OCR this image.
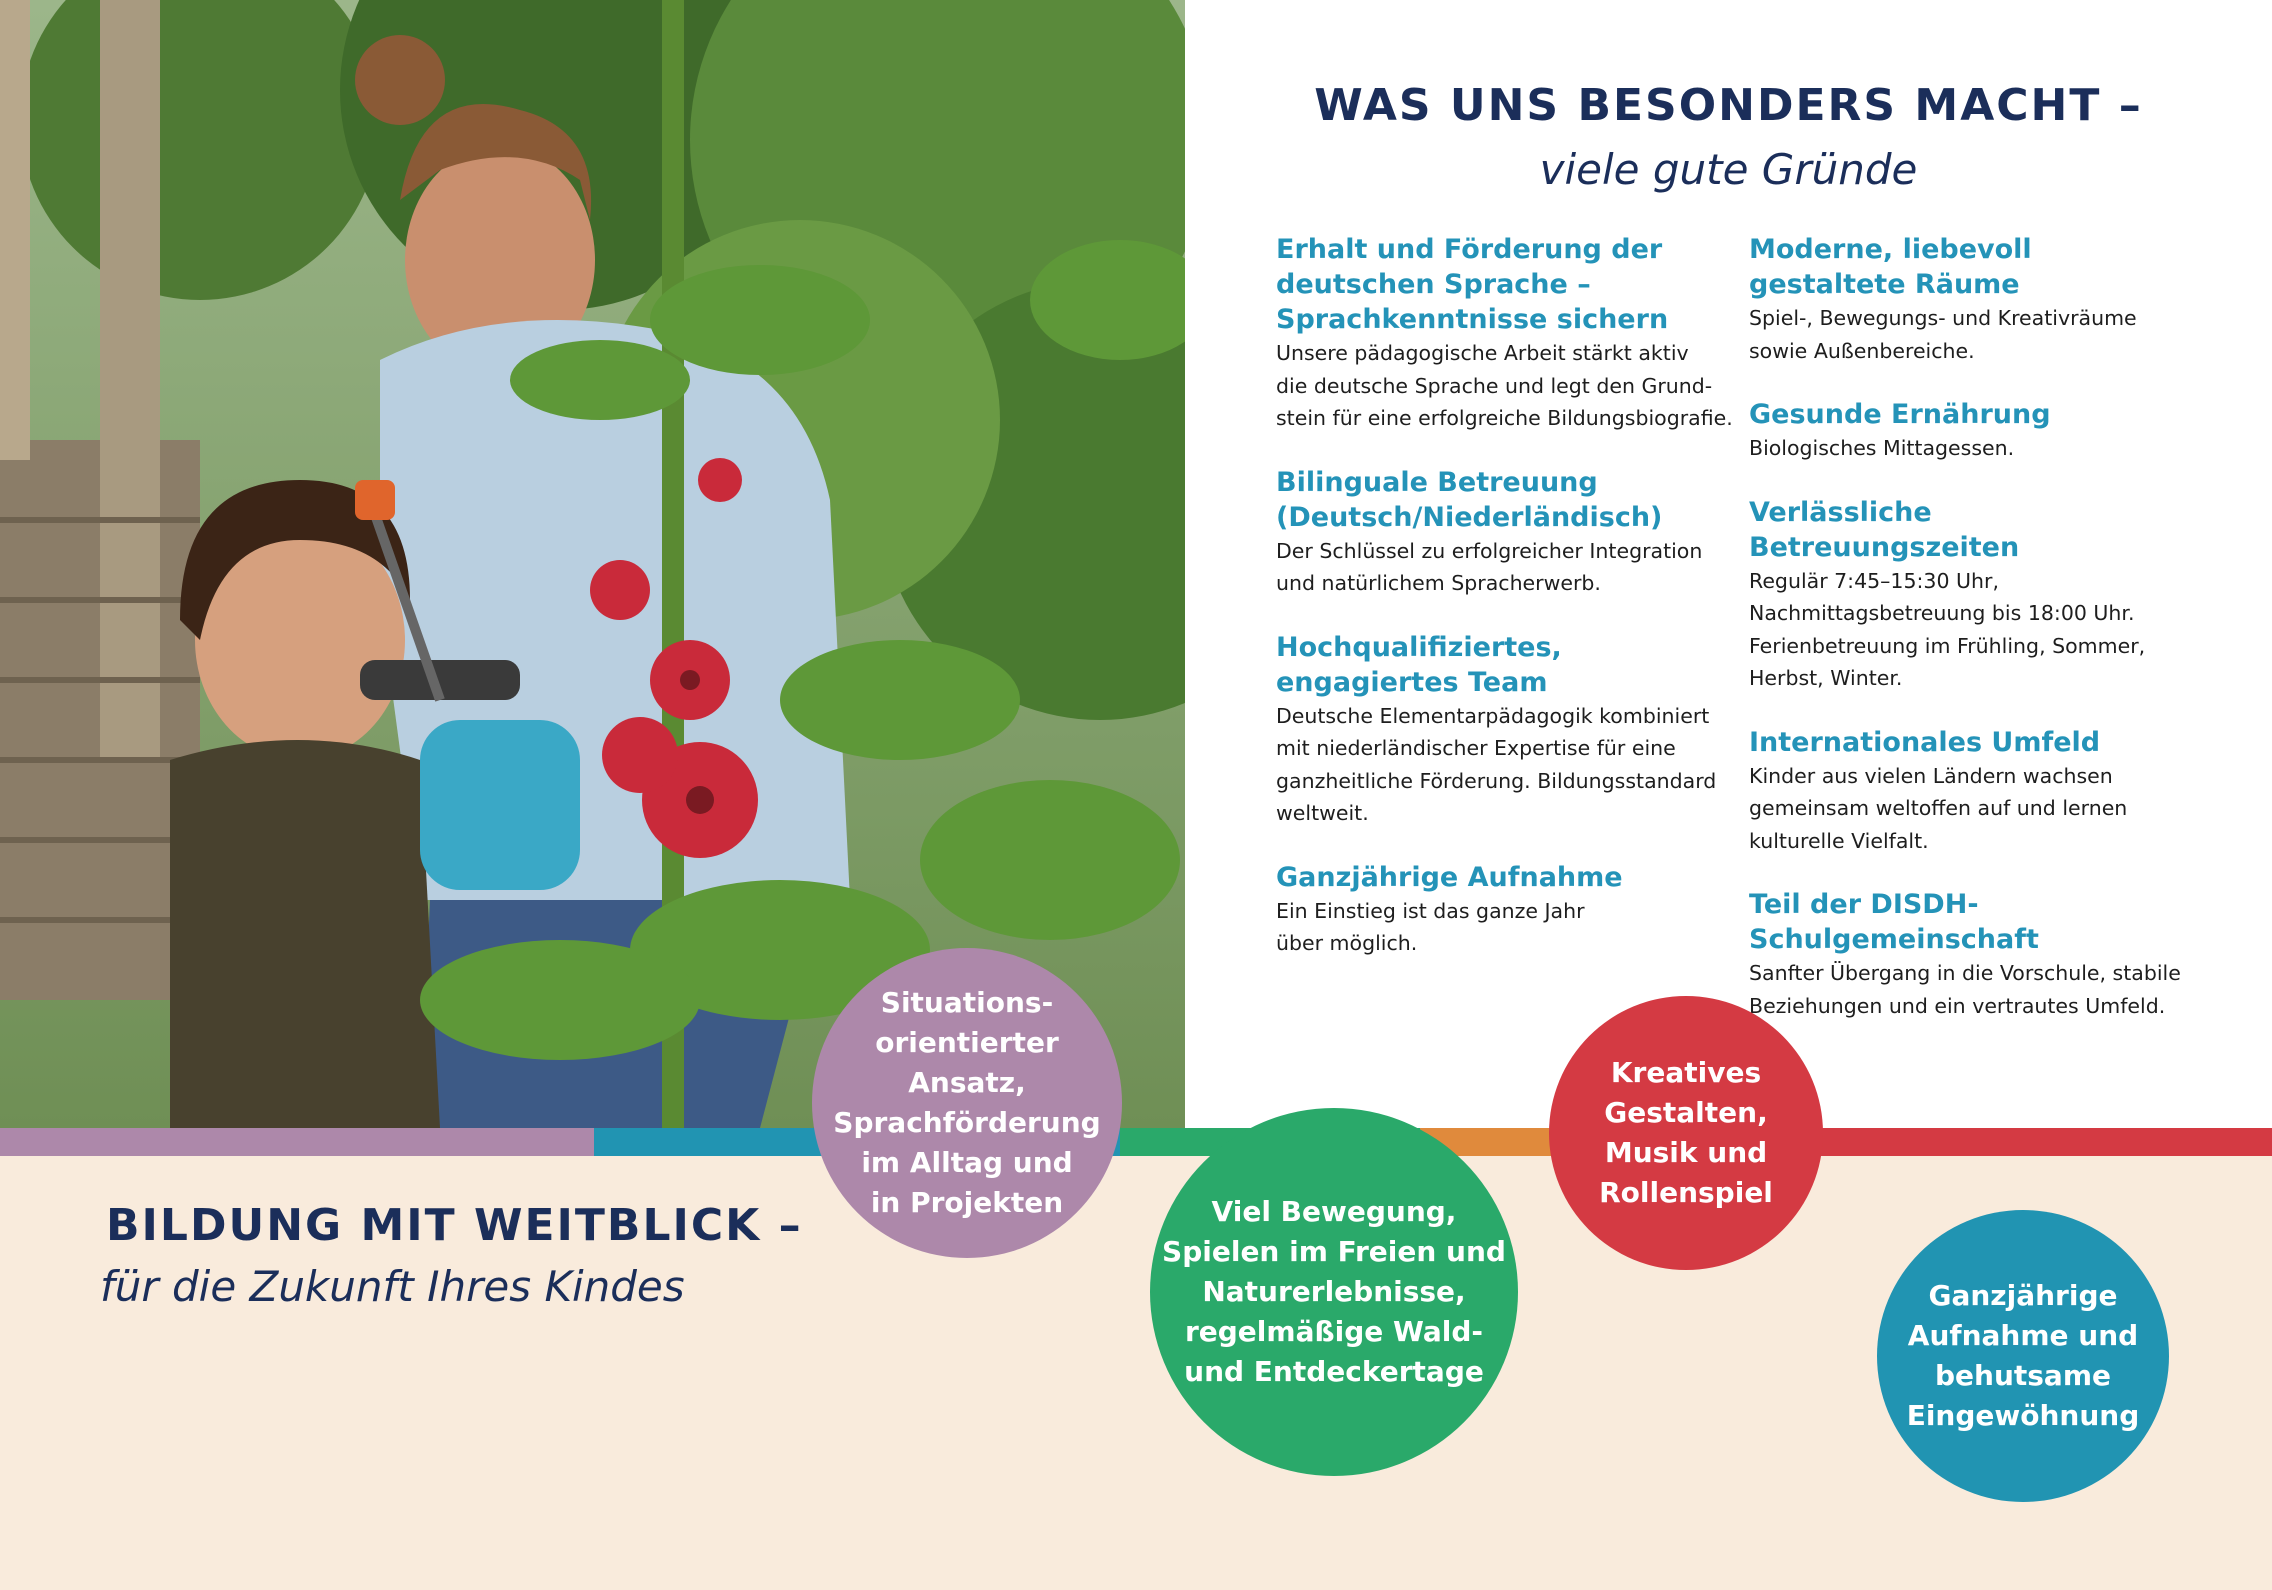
WAS UNS BESONDERS MACHT –
viele gute Gründe
Erhalt und Förderung der
deutschen Sprache –
Sprachkenntnisse sichern
Unsere pädagogische Arbeit stärkt aktiv
die deutsche Sprache und legt den Grund-
stein für eine erfolgreiche Bildungsbiografie.
Bilinguale Betreuung
(Deutsch/Niederländisch)
Der Schlüssel zu erfolgreicher Integration
und natürlichem Spracherwerb.
Hochqualifiziertes,
engagiertes Team
Deutsche Elementarpädagogik kombiniert
mit niederländischer Expertise für eine
ganzheitliche Förderung. Bildungsstandard
weltweit.
Ganzjährige Aufnahme
Ein Einstieg ist das ganze Jahr
über möglich.
Moderne, liebevoll
gestaltete Räume
Spiel-, Bewegungs- und Kreativräume
sowie Außenbereiche.
Gesunde Ernährung
Biologisches Mittagessen.
Verlässliche Betreuungszeiten
Regulär 7:45–15:30 Uhr,
Nachmittagsbetreuung bis 18:00 Uhr.
Ferienbetreuung im Frühling, Sommer,
Herbst, Winter.
Internationales Umfeld
Kinder aus vielen Ländern wachsen
gemeinsam weltoffen auf und lernen
kulturelle Vielfalt.
Teil der DISDH-Schulgemeinschaft
Sanfter Übergang in die Vorschule, stabile
Beziehungen und ein vertrautes Umfeld.
BILDUNG MIT WEITBLICK –
für die Zukunft Ihres Kindes
Situations-
orientierter Ansatz,
Sprachförderung
im Alltag und
in Projekten	Viel Bewegung,
Spielen im Freien und
Naturerlebnisse,
regelmäßige Wald-
und Entdeckertage
Kreatives
Gestalten,
Musik und
Rollenspiel
Ganzjährige
Aufnahme und
behutsame
Eingewöhnung
